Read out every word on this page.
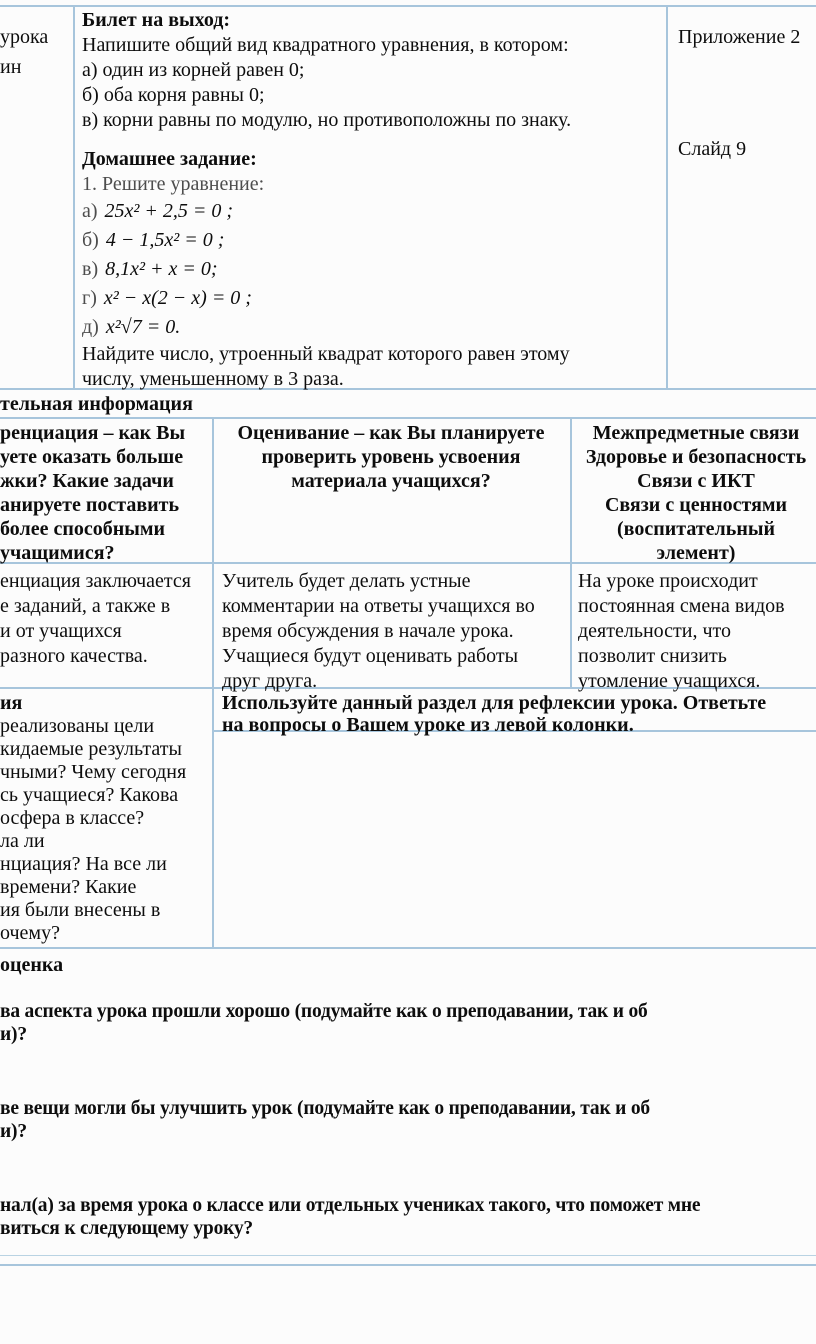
урока
ин
Билет на выход:
Напишите общий вид квадратного уравнения, в котором:
а) один из корней равен 0;
б) оба корня равны 0;
в) корни равны по модулю, но противоположны по знаку.
Домашнее задание:
1. Решите уравнение:
а) 25x² + 2,5 = 0 ;
б) 4 − 1,5x² = 0 ;
в) 8,1x² + x = 0;
г) x² − x(2 − x) = 0 ;
д) x²√7 = 0.
Найдите число, утроенный квадрат которого равен этому
числу, уменьшенному в 3 раза.
Приложение 2
Слайд 9
тельная информация
ренциация – как Вы
уете оказать больше
жки? Какие задачи
анируете поставить
более способными
учащимися?
Оценивание – как Вы планируете
проверить уровень усвоения
материала учащихся?
Межпредметные связи
Здоровье и безопасность
Связи с ИКТ
Связи с ценностями
(воспитательный
элемент)
енциация заключается
е заданий, а также в
и от учащихся
разного качества.
Учитель будет делать устные
комментарии на ответы учащихся во
время обсуждения в начале урока.
Учащиеся будут оценивать работы
друг друга.
На уроке происходит
постоянная смена видов
деятельности, что
позволит снизить
утомление учащихся.
ия
реализованы цели
кидаемые результаты
чными? Чему сегодня
сь учащиеся? Какова
осфера в классе?
ла ли
нциация? На все ли
времени? Какие
ия были внесены в
очему?
Используйте данный раздел для рефлексии урока. Ответьте
на вопросы о Вашем уроке из левой колонки.
оценка
ва аспекта урока прошли хорошо (подумайте как о преподавании, так и об
и)?
ве вещи могли бы улучшить урок (подумайте как о преподавании, так и об
и)?
нал(а) за время урока о классе или отдельных учениках такого, что поможет мне
виться к следующему уроку?
